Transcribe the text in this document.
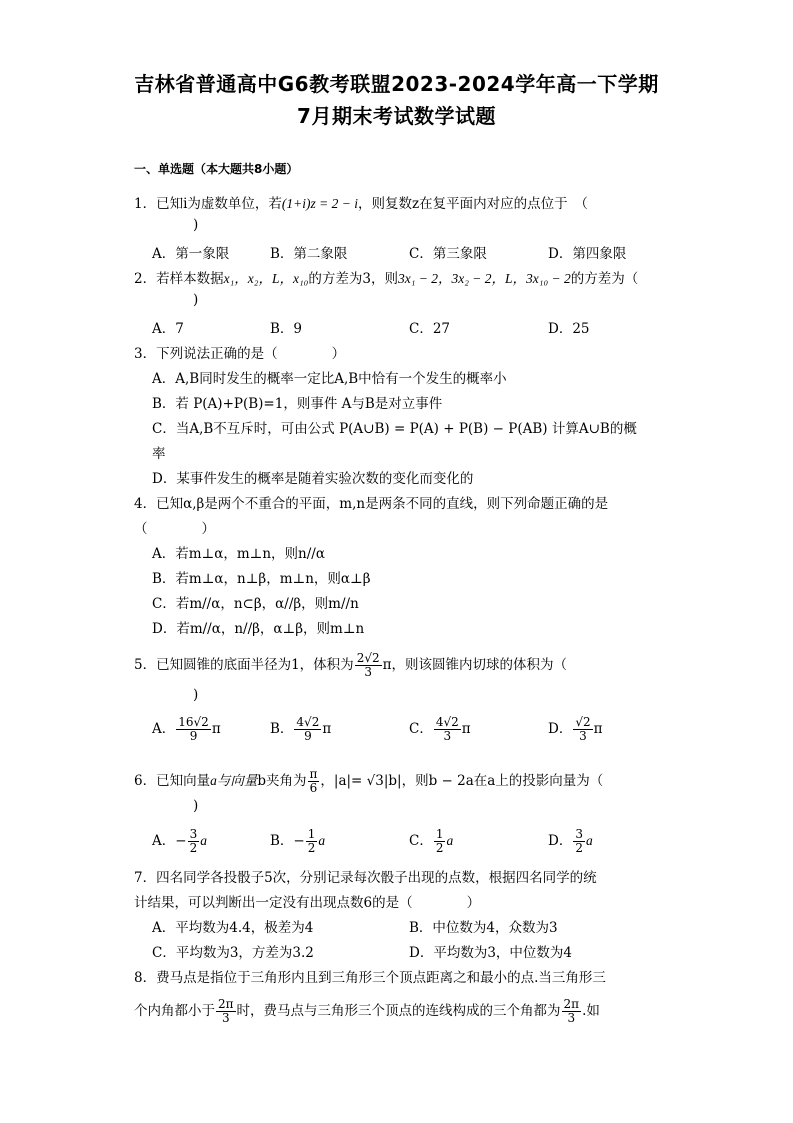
吉林省普通高中G6教考联盟2023-2024学年高一下学期
7月期末考试数学试题
一、单选题（本大题共8小题）
1．已知i为虚数单位，若(1+i)z = 2 − i，则复数z在复平面内对应的点位于　（
)
A．第一象限	B．第二象限	C．第三象限	D．第四象限
2．若样本数据x₁，x₂，L，x₁₀的方差为3，则3x₁ − 2，3x₂ − 2，L，3x₁₀ − 2的方差为（
)
A．7	B．9	C．27	D．25
3．下列说法正确的是（　　　　）
A．A,B同时发生的概率一定比A,B中恰有一个发生的概率小
B．若 P(A)+P(B)=1，则事件 A与B是对立事件
C．当A,B不互斥时，可由公式 P(A∪B) = P(A) + P(B) − P(AB) 计算A∪B的概
率
D．某事件发生的概率是随着实验次数的变化而变化的
4．已知α,β是两个不重合的平面，m,n是两条不同的直线，则下列命题正确的是
（　　　　）
A．若m⊥α，m⊥n，则n//α
B．若m⊥α，n⊥β，m⊥n，则α⊥β
C．若m//α，n⊂β，α//β，则m//n
D．若m//α，n//β，α⊥β，则m⊥n
5．已知圆锥的底面半径为1，体积为 $\frac{2√2}{3}$ π，则该圆锥内切球的体积为（
)
A． $\frac{16√2}{9}$ π	B． $\frac{4√2}{9}$ π	C． $\frac{4√2}{3}$ π	D． $\frac{√2}{3}$ π
6．已知向量a与向量b夹角为 $\frac{\pi}{6}$ ，|a|= √3|b|，则b − 2a在a上的投影向量为（
)
A．− $\frac{3}{2}$ a	B．− $\frac{1}{2}$ a	C． $\frac{1}{2}$ a	D． $\frac{3}{2}$ a
7．四名同学各投骰子5次，分别记录每次骰子出现的点数，根据四名同学的统
计结果，可以判断出一定没有出现点数6的是（　　　　）
A．平均数为4.4，极差为4	B．中位数为4，众数为3
C．平均数为3，方差为3.2	D．平均数为3，中位数为4
8．费马点是指位于三角形内且到三角形三个顶点距离之和最小的点.当三角形三
个内角都小于 $\frac{2\pi}{3}$ 时，费马点与三角形三个顶点的连线构成的三个角都为 $\frac{2\pi}{3}$ .如
